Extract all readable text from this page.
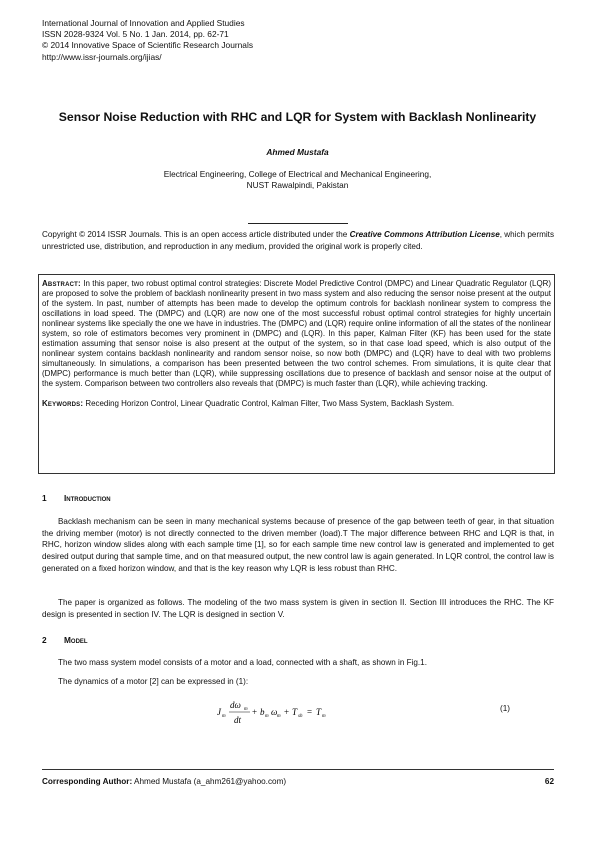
International Journal of Innovation and Applied Studies
ISSN 2028-9324 Vol. 5 No. 1 Jan. 2014, pp. 62-71
© 2014 Innovative Space of Scientific Research Journals
http://www.issr-journals.org/ijias/
Sensor Noise Reduction with RHC and LQR for System with Backlash Nonlinearity
Ahmed Mustafa
Electrical Engineering, College of Electrical and Mechanical Engineering,
NUST Rawalpindi, Pakistan
Copyright © 2014 ISSR Journals. This is an open access article distributed under the Creative Commons Attribution License, which permits unrestricted use, distribution, and reproduction in any medium, provided the original work is properly cited.
Abstract: In this paper, two robust optimal control strategies: Discrete Model Predictive Control (DMPC) and Linear Quadratic Regulator (LQR) are proposed to solve the problem of backlash nonlinearity present in two mass system and also reducing the sensor noise present at the output of the system. In past, number of attempts has been made to develop the optimum controls for backlash nonlinear system to compress the oscillations in load speed. The (DMPC) and (LQR) are now one of the most successful robust optimal control strategies for highly uncertain nonlinear systems like specially the one we have in industries. The (DMPC) and (LQR) require online information of all the states of the nonlinear system, so role of estimators becomes very prominent in (DMPC) and (LQR). In this paper, Kalman Filter (KF) has been used for the state estimation assuming that sensor noise is also present at the output of the system, so in that case load speed, which is also output of the nonlinear system contains backlash nonlinearity and random sensor noise, so now both (DMPC) and (LQR) have to deal with two problems simultaneously. In simulations, a comparison has been presented between the two control schemes. From simulations, it is quite clear that (DMPC) performance is much better than (LQR), while suppressing oscillations due to presence of backlash and sensor noise at the output of the system. Comparison between two controllers also reveals that (DMPC) is much faster than (LQR), while achieving tracking.
Keywords: Receding Horizon Control, Linear Quadratic Control, Kalman Filter, Two Mass System, Backlash System.
1 Introduction
Backlash mechanism can be seen in many mechanical systems because of presence of the gap between teeth of gear, in that situation the driving member (motor) is not directly connected to the driven member (load).T The major difference between RHC and LQR is that, in RHC, horizon window slides along with each sample time [1], so for each sample time new control law is generated and implemented to get desired output during that sample time, and on that measured output, the new control law is again generated. In LQR control, the control law is generated on a fixed horizon window, and that is the key reason why LQR is less robust than RHC.
The paper is organized as follows. The modeling of the two mass system is given in section II. Section III introduces the RHC. The KF design is presented in section IV. The LQR is designed in section V.
2 Model
The two mass system model consists of a motor and a load, connected with a shaft, as shown in Fig.1.
The dynamics of a motor [2] can be expressed in (1):
J m
dω m
dt
+ b m ω m + T sh = T m
(1)
Corresponding Author: Ahmed Mustafa (a_ahm261@yahoo.com)	62
